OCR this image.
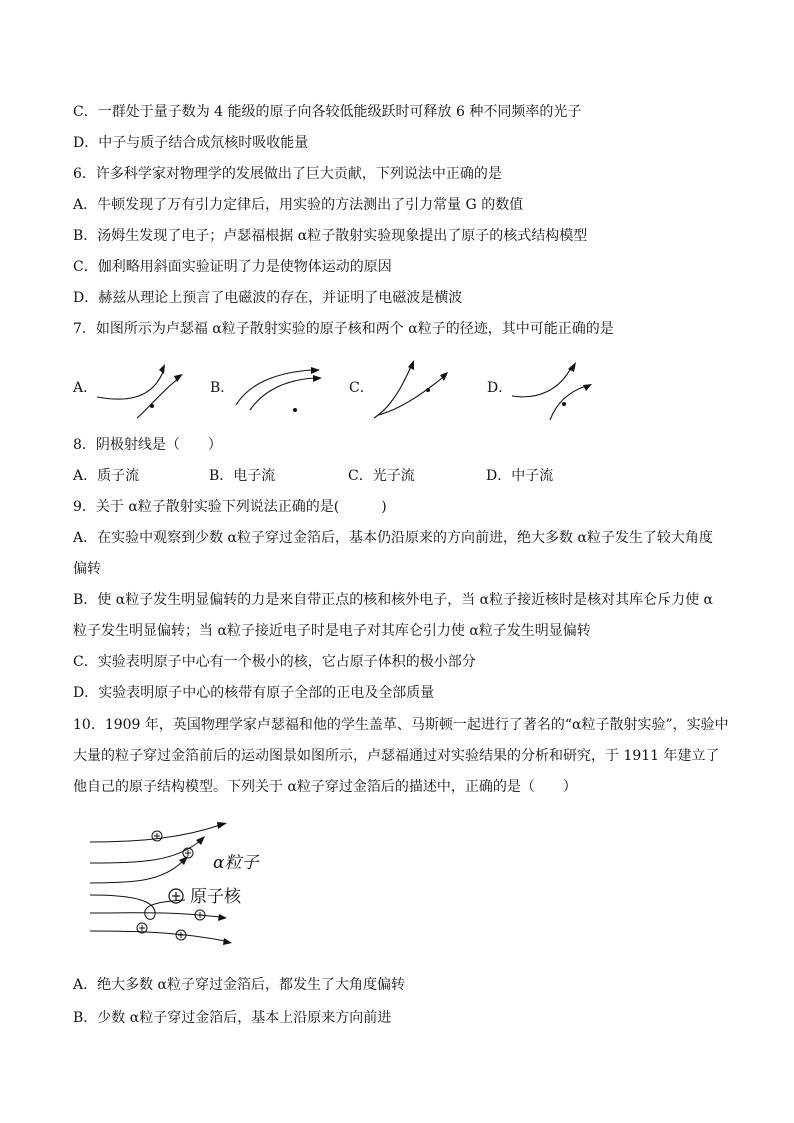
C．一群处于量子数为 4 能级的原子向各较低能级跃时可释放 6 种不同频率的光子
D．中子与质子结合成氘核时吸收能量
6．许多科学家对物理学的发展做出了巨大贡献，下列说法中正确的是
A．牛顿发现了万有引力定律后，用实验的方法测出了引力常量 G 的数值
B．汤姆生发现了电子；卢瑟福根据 α粒子散射实验现象提出了原子的核式结构模型
C．伽利略用斜面实验证明了力是使物体运动的原因
D．赫兹从理论上预言了电磁波的存在，并证明了电磁波是横波
7．如图所示为卢瑟福 α粒子散射实验的原子核和两个 α粒子的径迹，其中可能正确的是
A．	B．	C．	D．
8．阴极射线是（　　）
A．质子流	B．电子流	C．光子流	D．中子流
9．关于 α粒子散射实验下列说法正确的是(　　　)
A．在实验中观察到少数 α粒子穿过金箔后，基本仍沿原来的方向前进，绝大多数 α粒子发生了较大角度
偏转
B．使 α粒子发生明显偏转的力是来自带正点的核和核外电子，当 α粒子接近核时是核对其库仑斥力使 α
粒子发生明显偏转；当 α粒子接近电子时是电子对其库仑引力使 α粒子发生明显偏转
C．实验表明原子中心有一个极小的核，它占原子体积的极小部分
D．实验表明原子中心的核带有原子全部的正电及全部质量
10．1909 年，英国物理学家卢瑟福和他的学生盖革、马斯顿一起进行了著名的“α粒子散射实验”，实验中
大量的粒子穿过金箔前后的运动图景如图所示，卢瑟福通过对实验结果的分析和研究，于 1911 年建立了
他自己的原子结构模型。下列关于 α粒子穿过金箔后的描述中，正确的是（　　）
α粒子
原子核
A．绝大多数 α粒子穿过金箔后，都发生了大角度偏转
B．少数 α粒子穿过金箔后，基本上沿原来方向前进
